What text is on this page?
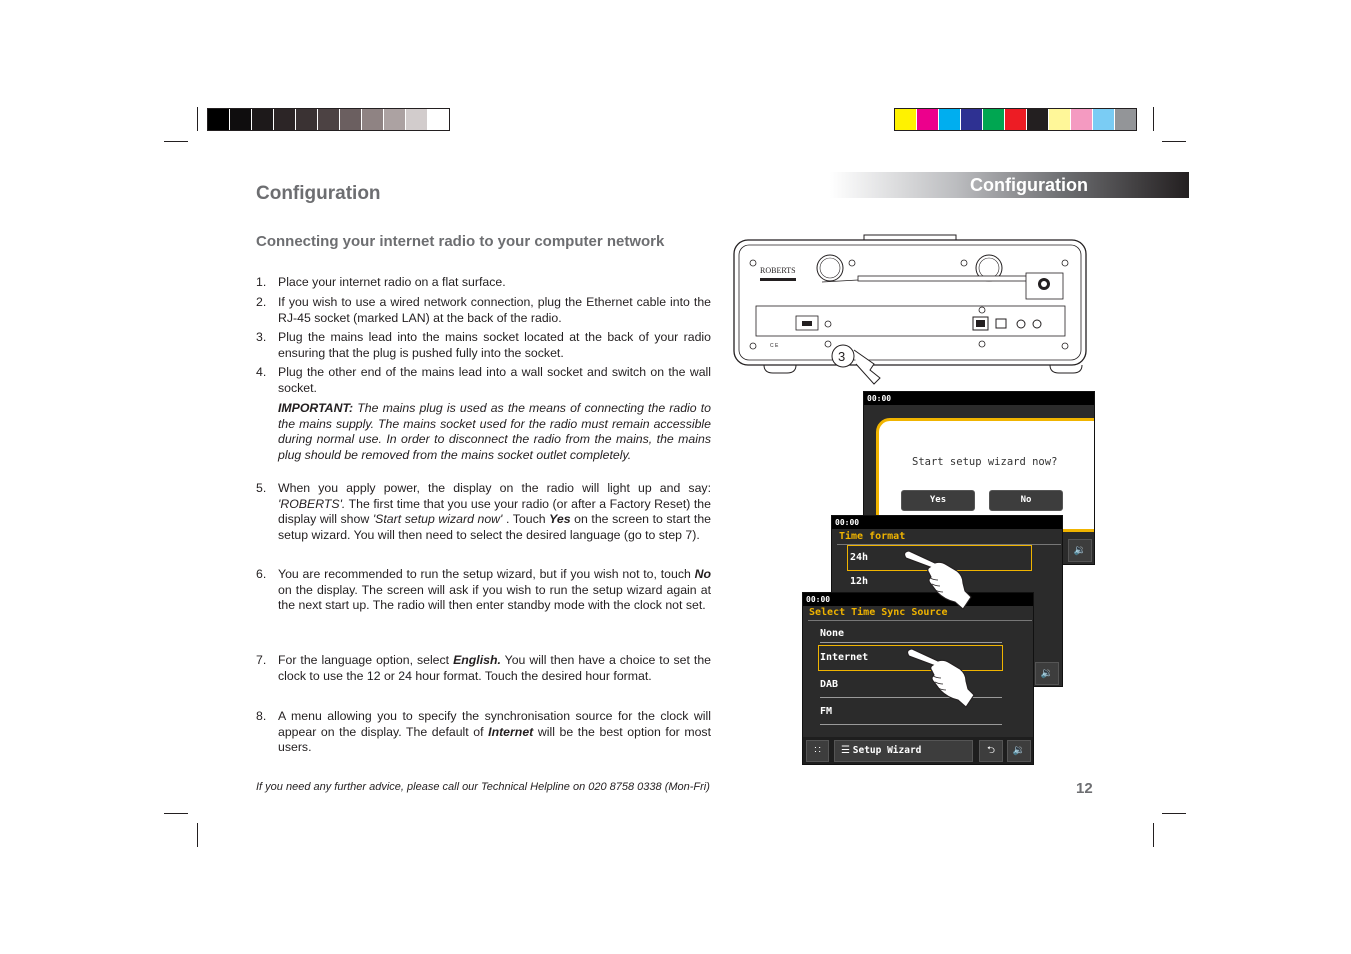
Configuration	Configuration
Connecting your internet radio to your computer network
1. Place your internet radio on a flat surface.
2. If you wish to use a wired network connection, plug the Ethernet cable into the RJ-45 socket (marked LAN) at the back of the radio.
3. Plug the mains lead into the mains socket located at the back of your radio ensuring that the plug is pushed fully into the socket.
4. Plug the other end of the mains lead into a wall socket and switch on the wall socket.
IMPORTANT: The mains plug is used as the means of connecting the radio to the mains supply. The mains socket used for the radio must remain accessible during normal use. In order to disconnect the radio from the mains, the mains plug should be removed from the mains socket outlet completely.
5. When you apply power, the display on the radio will light up and say: 'ROBERTS'. The first time that you use your radio (or after a Factory Reset) the display will show 'Start setup wizard now' . Touch Yes on the screen to start the setup wizard. You will then need to select the desired language (go to step 7).
6. You are recommended to run the setup wizard, but if you wish not to, touch No on the display. The screen will ask if you wish to run the setup wizard again at the next start up. The radio will then enter standby mode with the clock not set.
7. For the language option, select English. You will then have a choice to set the clock to use the 12 or 24 hour format. Touch the desired hour format.
8. A menu allowing you to specify the synchronisation source for the clock will appear on the display. The default of Internet will be the best option for most users.
If you need any further advice, please call our Technical Helpline on 020 8758 0338 (Mon-Fri)	12
ROBERTS
C E
3
00:00
Start setup wizard now?
Yes	No
🔉
00:00
Time format
24h
12h
🔉
00:00
Select Time Sync Source
None
Internet
DAB
FM
∷	☰ Setup Wizard	⮌	🔉
